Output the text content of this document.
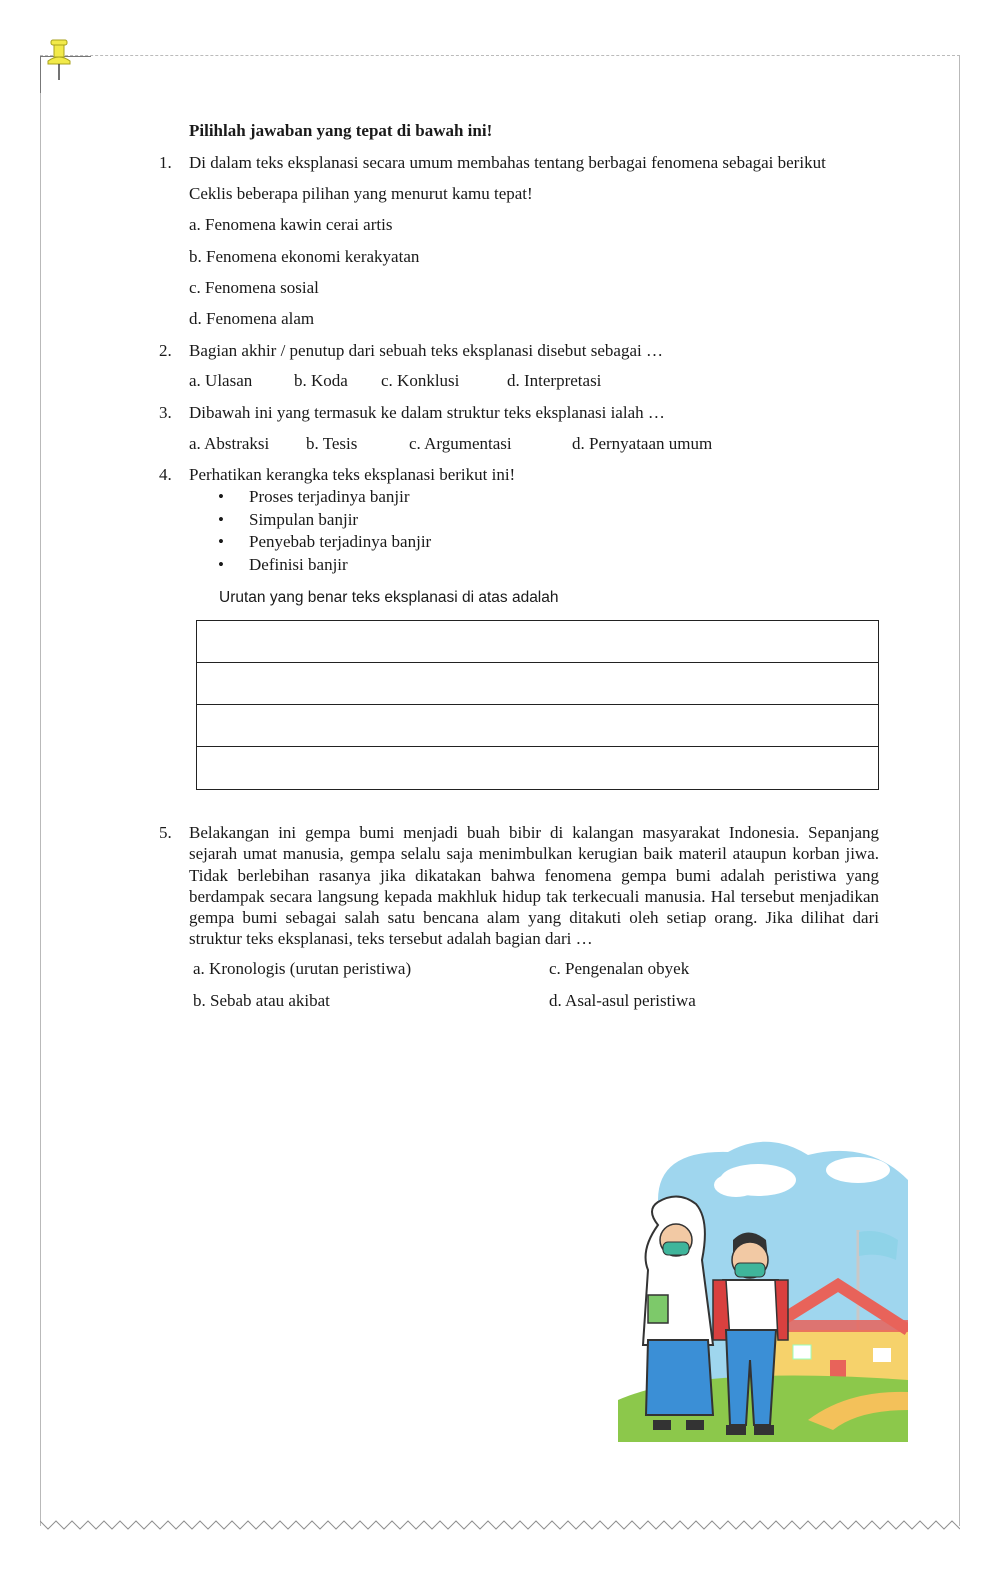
Pilihlah jawaban yang tepat di bawah ini!
1. Di dalam teks eksplanasi secara umum membahas tentang berbagai fenomena sebagai berikut
Ceklis beberapa pilihan yang menurut kamu tepat!
a. Fenomena kawin cerai artis
b. Fenomena ekonomi kerakyatan
c. Fenomena sosial
d. Fenomena alam
2. Bagian akhir / penutup dari sebuah teks eksplanasi disebut sebagai …
a. Ulasan b. Koda c. Konklusi	d. Interpretasi
3. Dibawah ini yang termasuk ke dalam struktur teks eksplanasi ialah …
a. Abstraksi b. Tesis	c. Argumentasi	d. Pernyataan umum
4. Perhatikan kerangka teks eksplanasi berikut ini!
• Proses terjadinya banjir
• Simpulan banjir
• Penyebab terjadinya banjir
• Definisi banjir
Urutan yang benar teks eksplanasi di atas adalah
5. Belakangan ini gempa bumi menjadi buah bibir di kalangan masyarakat Indonesia. Sepanjang sejarah umat manusia, gempa selalu saja menimbulkan kerugian baik materil ataupun korban jiwa. Tidak berlebihan rasanya jika dikatakan bahwa fenomena gempa bumi adalah peristiwa yang berdampak secara langsung kepada makhluk hidup tak terkecuali manusia. Hal tersebut menjadikan gempa bumi sebagai salah satu bencana alam yang ditakuti oleh setiap orang. Jika dilihat dari struktur teks eksplanasi, teks tersebut adalah bagian dari …
a. Kronologis (urutan peristiwa)	c. Pengenalan obyek
b. Sebab atau akibat	d. Asal-asul peristiwa
